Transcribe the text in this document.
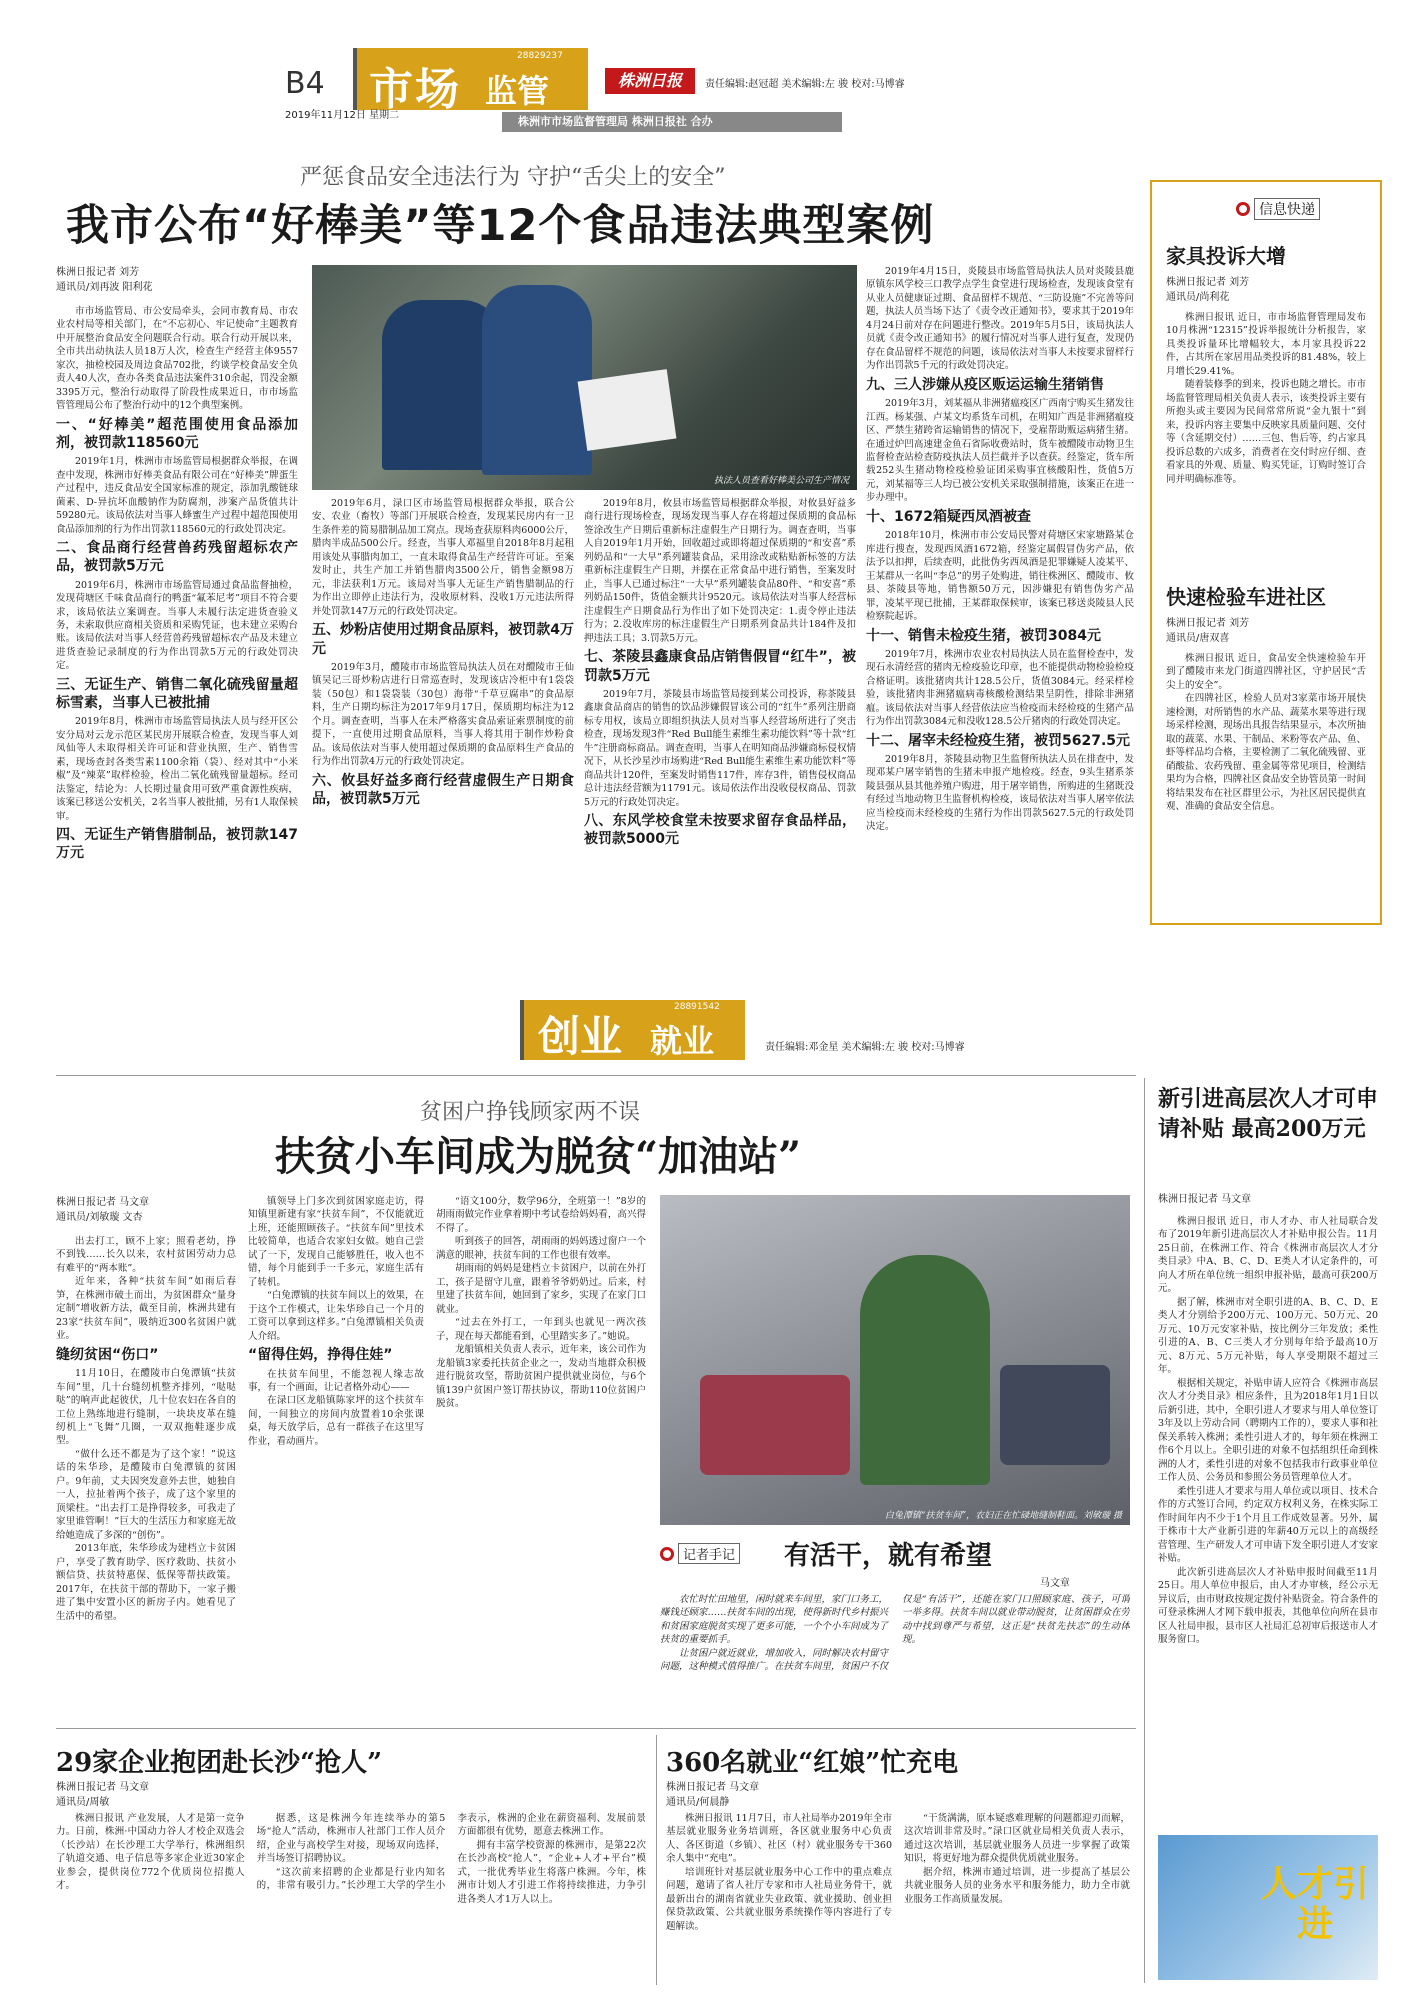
B4 市场 监管
28829237
株洲日报	责任编辑:赵冠超 美术编辑:左 骏 校对:马博睿
2019年11月12日 星期二	株洲市市场监督管理局 株洲日报社 合办
严惩食品安全违法行为 守护“舌尖上的安全”
我市公布“好棒美”等12个食品违法典型案例
株洲日报记者 刘芳
通讯员/刘再波 阳利花
执法人员查看好棒美公司生产情况

市市场监管局、市公安局牵头，会同市教育局、市农业农村局等相关部门，在“不忘初心、牢记使命”主题教育中开展整治食品安全问题联合行动。联合行动开展以来，全市共出动执法人员18万人次，检查生产经营主体9557家次，抽检校园及周边食品702批，约谈学校食品安全负责人40人次，查办各类食品违法案件310余起，罚没金额3395万元，整治行动取得了阶段性成果近日，市市场监管管理局公布了整治行动中的12个典型案例。

一、“好棒美”超范围使用食品添加剂，被罚款118560元

2019年1月，株洲市市场监管局根据群众举报，在调查中发现，株洲市好棒美食品有限公司在“好棒美”牌蛋生产过程中，违反食品安全国家标准的规定，添加乳酸链球菌素、D-异抗坏血酸钠作为防腐剂，涉案产品货值共计59280元。该局依法对当事人蜂蜜生产过程中超范围使用食品添加剂的行为作出罚款118560元的行政处罚决定。

二、食品商行经营兽药残留超标农产品，被罚款5万元

2019年6月，株洲市市场监管局通过食品监督抽检，发现荷塘区千味食品商行的鸭蛋“氟苯尼考”项目不符合要求，该局依法立案调查。当事人未履行法定进货查验义务，未索取供应商相关资质和采购凭证，也未建立采购台账。该局依法对当事人经营兽药残留超标农产品及未建立进货查验记录制度的行为作出罚款5万元的行政处罚决定。

三、无证生产、销售二氧化硫残留量超标雪素，当事人已被批捕

2019年8月，株洲市市场监管局执法人员与经开区公安分局对云龙示范区某民房开展联合检查，发现当事人刘凤仙等人未取得相关许可证和营业执照，生产、销售雪素，现场查封各类雪素1100余箱（袋）、经对其中“小米椒”及“辣菜”取样检验，检出二氧化硫残留量超标。经司法鉴定，结论为：人长期过量食用可致严重食源性疾病，该案已移送公安机关，2名当事人被批捕，另有1人取保候审。

四、无证生产销售腊制品，被罚款147万元

2019年6月，渌口区市场监管局根据群众举报，联合公安、农业（畜牧）等部门开展联合检查，发现某民房内有一卫生条件差的简易腊制品加工窝点。现场查获原料肉6000公斤，腊肉半成品500公斤。经查，当事人邓福里自2018年8月起租用该处从事腊肉加工，一直未取得食品生产经营许可证。至案发时止，共生产加工并销售腊肉3500公斤，销售金额98万元，非法获利1万元。该局对当事人无证生产销售腊制品的行为作出立即停止违法行为，没收原材料、没收1万元违法所得并处罚款147万元的行政处罚决定。

五、炒粉店使用过期食品原料，被罚款4万元

2019年3月，醴陵市市场监管局执法人员在对醴陵市王仙镇吴记三哥炒粉店进行日常巡查时，发现该店冷柜中有1袋袋装（50包）和1袋袋装（30包）海带“千草豆腐串”的食品原料，生产日期均标注为2017年9月17日，保质期均标注为12个月。调查查明，当事人在未严格落实食品索证索票制度的前提下，一直使用过期食品原料，当事人将其用于制作炒粉食品。该局依法对当事人使用超过保质期的食品原料生产食品的行为作出罚款4万元的行政处罚决定。

六、攸县好益多商行经营虚假生产日期食品，被罚款5万元

2019年8月，攸县市场监管局根据群众举报，对攸县好益多商行进行现场检查，现场发现当事人存在将超过保质期的食品标签涂改生产日期后重新标注虚假生产日期行为。调查查明，当事人自2019年1月开始，回收超过或即将超过保质期的“和安喜”系列奶品和“一大早”系列罐装食品，采用涂改或粘贴新标签的方法重新标注虚假生产日期，并摆在正常食品中进行销售，至案发时止，当事人已通过标注“一大早”系列罐装食品80件、“和安喜”系列奶品150件，货值金额共计9520元。该局依法对当事人经营标注虚假生产日期食品行为作出了如下处罚决定：1.责令停止违法行为；2.没收库房的标注虚假生产日期系列食品共计184件及扣押违法工具；3.罚款5万元。

七、茶陵县鑫康食品店销售假冒“红牛”，被罚款5万元

2019年7月，茶陵县市场监管局接到某公司投诉，称茶陵县鑫康食品商店的销售的饮品涉嫌假冒该公司的“红牛”系列注册商标专用权，该局立即组织执法人员对当事人经营场所进行了突击检查，现场发现3件“Red Bull能生素维生素功能饮料”等十款“红牛”注册商标商品。调查查明，当事人在明知商品涉嫌商标侵权情况下，从长沙星沙市场购进“Red Bull能生素维生素功能饮料”等商品共计120件，至案发时销售117件，库存3件，销售侵权商品总计违法经营额为11791元。该局依法作出没收侵权商品、罚款5万元的行政处罚决定。

八、东风学校食堂未按要求留存食品样品，被罚款5000元

2019年4月15日，炎陵县市场监管局执法人员对炎陵县鹿原镇东风学校三口教学点学生食堂进行现场检查，发现该食堂有从业人员健康证过期、食品留样不规范、“三防设施”不完善等问题，执法人员当场下达了《责令改正通知书》，要求其于2019年4月24日前对存在问题进行整改。2019年5月5日，该局执法人员就《责令改正通知书》的履行情况对当事人进行复查，发现仍存在食品留样不规范的问题，该局依法对当事人未按要求留样行为作出罚款5千元的行政处罚决定。

九、三人涉嫌从疫区贩运运输生猪销售

2019年3月，刘某福从非洲猪瘟疫区广西南宁购买生猪发往江西。杨某强、卢某文均系货车司机，在明知广西是非洲猪瘟疫区、严禁生猪跨省运输销售的情况下，受雇帮助贩运病猪生猪。在通过炉凹高速建金鱼石省际收费站时，货车被醴陵市动物卫生监督检查站检查防疫执法人员拦截并予以查获。经鉴定，货车所载252头生猪动物检疫检验证团采购事宜核酸阳性，货值5万元，刘某福等三人均已被公安机关采取强制措施，该案正在进一步办理中。

十、1672箱疑西凤酒被查

2018年10月，株洲市市公安局民警对荷塘区宋家塘路某仓库进行搜查，发现西凤酒1672箱，经鉴定属假冒伪劣产品，依法予以扣押，后续查明，此批伪劣西凤酒是犯罪嫌疑人凌某平、王某群从一名叫“李总”的男子处购进，销往株洲区、醴陵市、攸县、茶陵县等地，销售额50万元，因涉嫌犯有销售伪劣产品罪，凌某平现已批捕，王某群取保候审，该案已移送炎陵县人民检察院起诉。

十一、销售未检疫生猪，被罚3084元

2019年7月，株洲市农业农村局执法人员在监督检查中，发现石永清经营的猪肉无检疫验讫印章，也不能提供动物检验检疫合格证明。该批猪肉共计128.5公斤，货值3084元。经采样检验，该批猪肉非洲猪瘟病毒核酸检测结果呈阴性，排除非洲猪瘟。该局依法对当事人经营依法应当检疫而未经检疫的生猪产品行为作出罚款3084元和没收128.5公斤猪肉的行政处罚决定。

十二、屠宰未经检疫生猪，被罚5627.5元

2019年8月，茶陵县动物卫生监督所执法人员在排查中，发现邓某户屠宰销售的生猪未申报产地检疫。经查，9头生猪系茶陵县强从县其他养殖户购进，用于屠宰销售，所购进的生猪既没有经过当地动物卫生监督机构检疫，该局依法对当事人屠宰依法应当检疫而未经检疫的生猪行为作出罚款5627.5元的行政处罚决定。

信息快递
家具投诉大增
株洲日报记者 刘芳
通讯员/尚利花

株洲日报讯 近日，市市场监督管理局发布10月株洲“12315”投诉举报统计分析报告，家具类投诉量环比增幅较大，本月家具投诉22件，占其所在家居用品类投诉的81.48%，较上月增长29.41%。

随着装修季的到来，投诉也随之增长。市市场监督管理局相关负责人表示，该类投诉主要有所抱头或主要因为民间常常所说“金九银十”到来，投诉内容主要集中反映家具质量问题、交付等（含延期交付）……三包、售后等，约占家具投诉总数的六成多，消费者在交付时应仔细、查看家具的外观、质量、购买凭证，订购时签订合同并明确标准等。

快速检验车进社区
株洲日报记者 刘芳
通讯员/唐双喜

株洲日报讯 近日，食品安全快速检验车开到了醴陵市来龙门街道四牌社区，守护居民“舌尖上的安全”。

在四牌社区，检验人员对3家菜市场开展快速检测，对所销售的水产品、蔬菜水果等进行现场采样检测，现场出具报告结果显示，本次所抽取的蔬菜、水果、干制品、米粉等农产品、鱼、虾等样品均合格，主要检测了二氧化硫残留、亚硝酸盐、农药残留、重金属等常见项目，检测结果均为合格，四牌社区食品安全协管员第一时间将结果发布在社区群里公示，为社区居民提供直观、准确的食品安全信息。

创业 就业
28891542
责任编辑:邓金星 美术编辑:左 骏 校对:马博睿
贫困户挣钱顾家两不误
扶贫小车间成为脱贫“加油站”
株洲日报记者 马文章
通讯员/刘敏璇 文杏

出去打工，顾不上家；照看老幼，挣不到钱……长久以来，农村贫困劳动力总有难平的“两本账”。

近年来，各种“扶贫车间”如雨后春笋，在株洲市破土而出，为贫困群众“量身定制”增收新方法，截至目前，株洲共建有23家“扶贫车间”，吸纳近300名贫困户就业。

缝纫贫困“伤口”

11月10日，在醴陵市白兔潭镇“扶贫车间”里，几十台缝纫机整齐排列，“哒哒哒”的响声此起彼伏，几十位农妇在各自的工位上熟练地进行缝制，一块块皮革在缝纫机上“飞舞”几圈，一双双拖鞋逐步成型。

“做什么还不都是为了这个家！”说这话的朱华珍，是醴陵市白兔潭镇的贫困户。9年前，丈夫因突发意外去世，她独自一人，拉扯着两个孩子，成了这个家里的顶梁柱。“出去打工是挣得较多，可我走了家里谁管啊！”巨大的生活压力和家庭无故给她造成了多深的“创伤”。

2013年底，朱华珍成为建档立卡贫困户，享受了教育助学、医疗救助、扶贫小额信贷、扶贫特惠保、低保等帮扶政策。2017年，在扶贫干部的帮助下，一家子搬进了集中安置小区的新房子内。她看见了生活中的希望。

镇领导上门多次到贫困家庭走访，得知镇里新建有家“扶贫车间”，不仅能就近上班，还能照顾孩子。“扶贫车间”里技术比较简单，也适合农家妇女做。她自己尝试了一下，发现自己能够胜任，收入也不错，每个月能到手一千多元，家庭生活有了转机。

“白兔潭镇的扶贫车间以上的效果，在于这个工作模式，让朱华珍自己一个月的工资可以拿到这样多。”白兔潭镇相关负责人介绍。

“留得住妈，挣得住娃”

在扶贫车间里，不能忽视人缘志故事，有一个画面，让记者格外动心——

在渌口区龙船镇陈家坪的这个扶贫车间，一间独立的房间内放置着10余张课桌，每天放学后，总有一群孩子在这里写作业，看动画片。

“语文100分，数学96分，全班第一！”8岁的胡雨雨做完作业拿着期中考试卷给妈妈看，高兴得不得了。

听到孩子的回答，胡雨雨的妈妈透过窗户一个满意的眼神，扶贫车间的工作也很有效率。

胡雨雨的妈妈是建档立卡贫困户，以前在外打工，孩子是留守儿童，跟着爷爷奶奶过。后来，村里建了扶贫车间，她回到了家乡，实现了在家门口就业。

“过去在外打工，一年到头也就见一两次孩子，现在每天都能看到，心里踏实多了。”她说。

龙船镇相关负责人表示，近年来，该公司作为龙船镇3家委托扶贫企业之一，发动当地群众积极进行脱贫攻坚，帮助贫困户提供就业岗位，与6个镇139户贫困户签订帮扶协议，帮助110位贫困户脱贫。

白兔潭镇“扶贫车间”，农妇正在忙碌地缝制鞋面。刘敏璇 摄
记者手记 有活干，就有希望
马文章

农忙时忙田地里，闲时就来车间里，家门口务工，赚钱还顾家……扶贫车间的出现，使得新时代乡村振兴和贫困家庭脱贫实现了更多可能，一个个小车间成为了扶贫的重要抓手。

让贫困户就近就业，增加收入，同时解决农村留守问题，这种模式值得推广。在扶贫车间里，贫困户不仅仅是“有活干”，还能在家门口照顾家庭、孩子，可谓一举多得。扶贫车间以就业带动脱贫，让贫困群众在劳动中找到尊严与希望，这正是“扶贫先扶志”的生动体现。

29家企业抱团赴长沙“抢人”
株洲日报记者 马文章
通讯员/周敏

株洲日报讯 产业发展，人才是第一竞争力。日前，株洲·中国动力谷人才校企双选会（长沙站）在长沙理工大学举行，株洲组织了轨道交通、电子信息等多家企业近30家企业参会，提供岗位772个优质岗位招揽人才。

据悉，这是株洲今年连续举办的第5场“抢人”活动，株洲市人社部门工作人员介绍，企业与高校学生对接，现场双向选择，并当场签订招聘协议。

“这次前来招聘的企业都是行业内知名的，非常有吸引力。”长沙理工大学的学生小李表示，株洲的企业在薪资福利、发展前景方面都很有优势，愿意去株洲工作。

拥有丰富学校资源的株洲市，是第22次在长沙高校“抢人”，“企业+人才+平台”模式，一批优秀毕业生将落户株洲。今年，株洲市计划人才引进工作将持续推进，力争引进各类人才1万人以上。

360名就业“红娘”忙充电
株洲日报记者 马文章
通讯员/何晨静

株洲日报讯 11月7日，市人社局举办2019年全市基层就业服务业务培训班，各区就业服务中心负责人、各区街道（乡镇）、社区（村）就业服务专干360余人集中“充电”。

培训班针对基层就业服务中心工作中的重点难点问题，邀请了省人社厅专家和市人社局业务骨干，就最新出台的湖南省就业失业政策、就业援助、创业担保贷款政策、公共就业服务系统操作等内容进行了专题解读。

“干货满满，原本疑惑难理解的问题都迎刃而解，这次培训非常及时。”渌口区就业局相关负责人表示，通过这次培训，基层就业服务人员进一步掌握了政策知识，将更好地为群众提供优质就业服务。

据介绍，株洲市通过培训，进一步提高了基层公共就业服务人员的业务水平和服务能力，助力全市就业服务工作高质量发展。

新引进高层次人才可申请补贴 最高200万元
株洲日报记者 马文章

株洲日报讯 近日，市人才办、市人社局联合发布了2019年新引进高层次人才补贴申报公告。11月25日前，在株洲工作、符合《株洲市高层次人才分类目录》中A、B、C、D、E类人才认定条件的，可向人才所在单位统一组织申报补贴，最高可获200万元。

据了解，株洲市对全职引进的A、B、C、D、E类人才分别给予200万元、100万元、50万元、20万元、10万元安家补贴，按比例分三年发放；柔性引进的A、B、C三类人才分别每年给予最高10万元、8万元、5万元补贴，每人享受期限不超过三年。

根据相关规定，补贴申请人应符合《株洲市高层次人才分类目录》相应条件，且为2018年1月1日以后新引进，其中，全职引进人才要求与用人单位签订3年及以上劳动合同（聘期内工作的），要求人事和社保关系转入株洲；柔性引进人才的，每年须在株洲工作6个月以上。全职引进的对象不包括组织任命到株洲的人才，柔性引进的对象不包括我市行政事业单位工作人员、公务员和参照公务员管理单位人才。

柔性引进人才要求与用人单位或以项目、技术合作的方式签订合同，约定双方权利义务，在株实际工作时间年内不少于1个月且工作成效显著。另外，属于株市十大产业新引进的年薪40万元以上的高级经营管理、生产研发人才可申请下发全职引进人才安家补贴。

此次新引进高层次人才补贴申报时间截至11月25日。用人单位申报后，由人才办审核，经公示无异议后，由市财政按规定拨付补贴资金。符合条件的可登录株洲人才网下载申报表，其他单位向所在县市区人社局申报，县市区人社局汇总初审后报送市人才服务窗口。

人才引进
